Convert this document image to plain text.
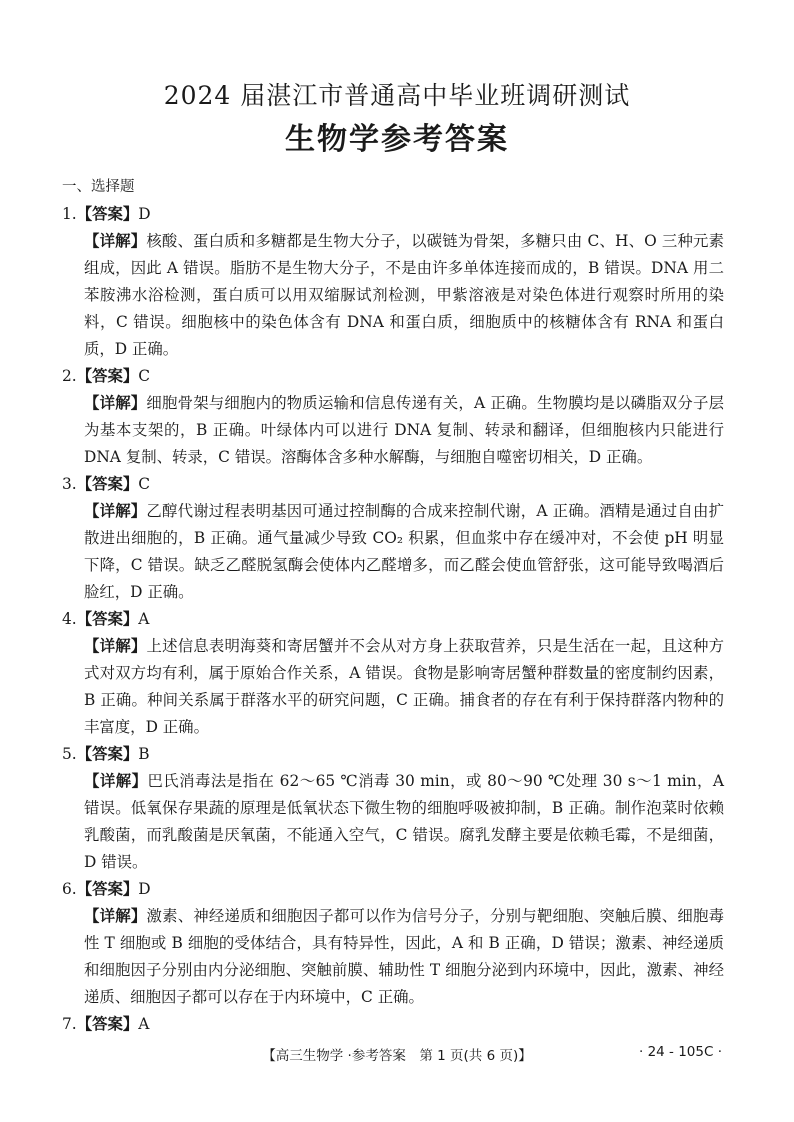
2024 届湛江市普通高中毕业班调研测试
生物学参考答案
一、选择题
1.【答案】D
【详解】核酸、蛋白质和多糖都是生物大分子，以碳链为骨架，多糖只由 C、H、O 三种元素组成，因此 A 错误。脂肪不是生物大分子，不是由许多单体连接而成的，B 错误。DNA 用二苯胺沸水浴检测，蛋白质可以用双缩脲试剂检测，甲紫溶液是对染色体进行观察时所用的染料，C 错误。细胞核中的染色体含有 DNA 和蛋白质，细胞质中的核糖体含有 RNA 和蛋白质，D 正确。
2.【答案】C
【详解】细胞骨架与细胞内的物质运输和信息传递有关，A 正确。生物膜均是以磷脂双分子层为基本支架的，B 正确。叶绿体内可以进行 DNA 复制、转录和翻译，但细胞核内只能进行 DNA 复制、转录，C 错误。溶酶体含多种水解酶，与细胞自噬密切相关，D 正确。
3.【答案】C
【详解】乙醇代谢过程表明基因可通过控制酶的合成来控制代谢，A 正确。酒精是通过自由扩散进出细胞的，B 正确。通气量减少导致 CO₂ 积累，但血浆中存在缓冲对，不会使 pH 明显下降，C 错误。缺乏乙醛脱氢酶会使体内乙醛增多，而乙醛会使血管舒张，这可能导致喝酒后脸红，D 正确。
4.【答案】A
【详解】上述信息表明海葵和寄居蟹并不会从对方身上获取营养，只是生活在一起，且这种方式对双方均有利，属于原始合作关系，A 错误。食物是影响寄居蟹种群数量的密度制约因素，B 正确。种间关系属于群落水平的研究问题，C 正确。捕食者的存在有利于保持群落内物种的丰富度，D 正确。
5.【答案】B
【详解】巴氏消毒法是指在 62～65 ℃消毒 30 min，或 80～90 ℃处理 30 s～1 min，A 错误。低氧保存果蔬的原理是低氧状态下微生物的细胞呼吸被抑制，B 正确。制作泡菜时依赖乳酸菌，而乳酸菌是厌氧菌，不能通入空气，C 错误。腐乳发酵主要是依赖毛霉，不是细菌，D 错误。
6.【答案】D
【详解】激素、神经递质和细胞因子都可以作为信号分子，分别与靶细胞、突触后膜、细胞毒性 T 细胞或 B 细胞的受体结合，具有特异性，因此，A 和 B 正确，D 错误；激素、神经递质和细胞因子分别由内分泌细胞、突触前膜、辅助性 T 细胞分泌到内环境中，因此，激素、神经递质、细胞因子都可以存在于内环境中，C 正确。
7.【答案】A
【高三生物学 ·参考答案　第 1 页(共 6 页)】	· 24 - 105C ·
